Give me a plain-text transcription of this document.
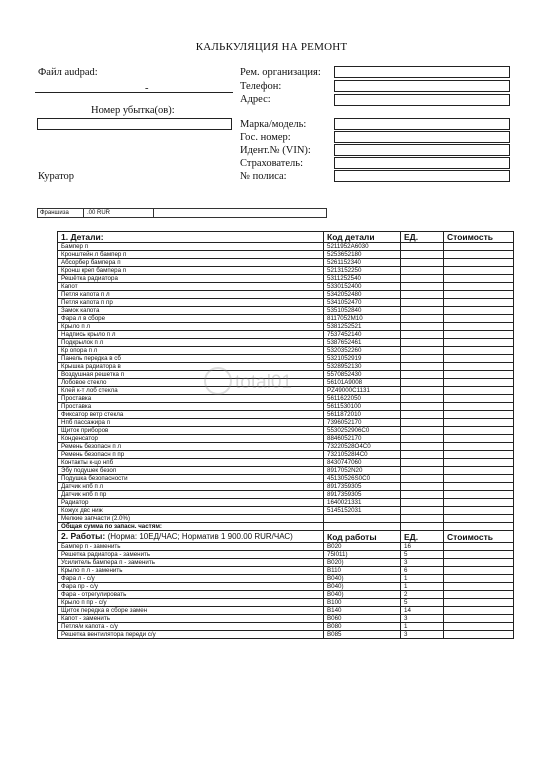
КАЛЬКУЛЯЦИЯ НА РЕМОНТ
Файл audpad:
-
Номер убытка(ов):
Куратор
Рем. организация:
Телефон:
Адрес:
Марка/модель:
Гос. номер:
Идент.№ (VIN):
Страхователь:
№ полиса:
Франшиза	.00 RUR
1. Детали:	Код детали	ЕД.	Стоимость
Бампер п	5211952A6030		
Кронштейн л бампер п	5253652180		
Абсорбер бампера п	5261152340		
Кронш креп бампера п	5213152250		
Решётка радиатора	5311252540		
Капот	5330152400		
Петля капота п л	5342052480		
Петля капота п пр	5341052470		
Замок капота	5351052840		
Фара л в сборе	8117052M10		
Крыло п л	5381252521		
Надпись крыло п л	7537452140		
Подкрылок п л	5387652461		
Кр опора п л	5320352260		
Панель передка в сб	5321052919		
Крышка радиатора в	5328952130		
Воздушная решетка п	5570852430		
Лобовое стекло	56101A9008		
Клей к-т лоб стекла	PZ49000C1131		
Проставка	5611622050		
Проставка	5611530100		
Фиксатор ветр стекла	5611872010		
Нпб пассажира п	7396052170		
Щиток приборов	5530252906C0		
Конденсатор	8846052170		
Ремень безопасн п л	73220528O4C0		
Ремень безопасн п пр	73210528I4C0		
Контакты к-цо нпб	8430747060		
Эбу подушек безоп	8917052N20		
Подушка безопасности	45130526S0C0		
Датчик нпб п л	8917359305		
Датчик нпб п пр	8917359305		
Радиатор	1640021331		
Кожух двс ниж	5145152031		
Мелкие запчасти (2.0%)			
Общая сумма по запасн. частям:			
2. Работы: (Норма: 10ЕД/ЧАС; Норматив 1 900.00 RUR/ЧАС)	Код работы	ЕД.	Стоимость
Бампер п - заменить	B020	16	
Решетка радиатора - заменить	75I011)	5	
Усилитель бампера п - заменить	B020)	3	
Крыло п л - заменить	B110	6	
Фара л - с/у	B040)	1	
Фара пр - с/у	B040)	1	
Фара - отрегулировать	B040)	2	
Крыло п пр - с/у	B100	5	
Щиток передка в сборе замен	B140	14	
Капот - заменить	B060	3	
Петля/и капота - с/у	B080	1	
Решетка вентилятора переди с/у	B085	3	
total01
